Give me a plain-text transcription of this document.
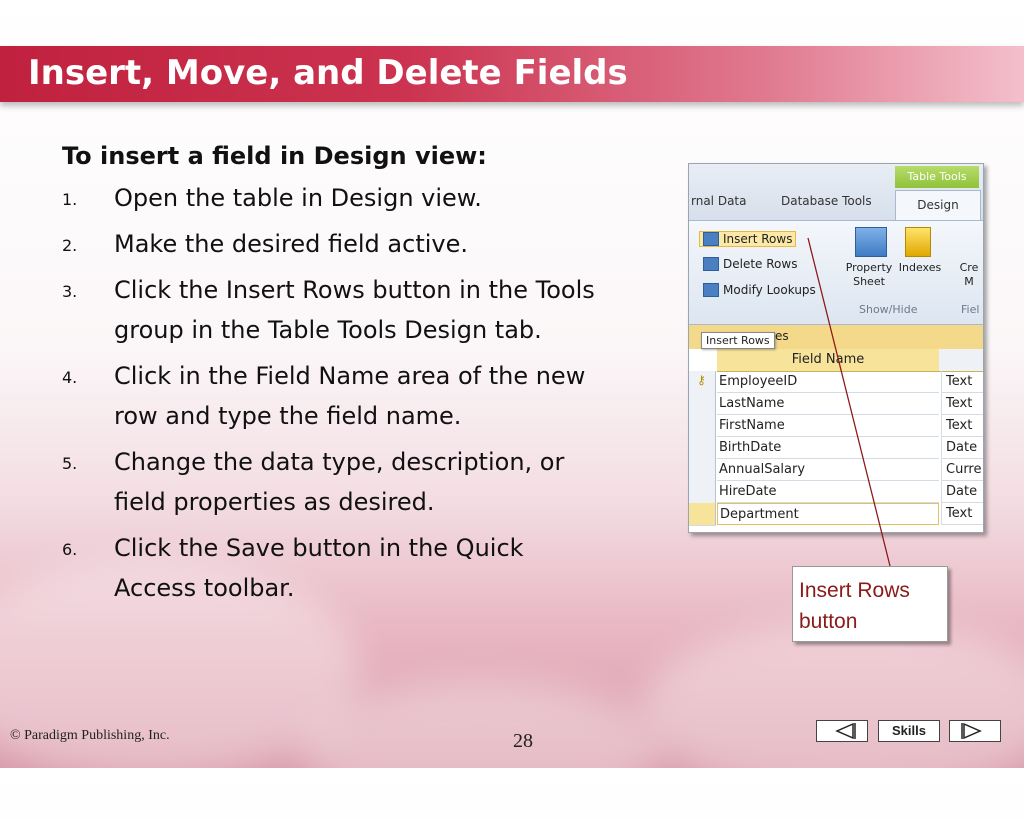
Insert, Move, and Delete Fields
To insert a field in Design view:
1. Open the table in Design view.
2. Make the desired field active.
3. Click the Insert Rows button in the Tools group in the Table Tools Design tab.
4. Click in the Field Name area of the new row and type the field name.
5. Change the data type, description, or field properties as desired.
6. Click the Save button in the Quick Access toolbar.
Table Tools
rnal Data	Database Tools	Design
Insert Rows
Delete Rows
Modify Lookups
Property Sheet
Indexes	Cre M
Show/Hide	Fiel
es
Field Name
⚷ EmployeeID	Text
LastName	Text
FirstName	Text
BirthDate	Date
AnnualSalary	Curre
HireDate	Date
Department	Text
Insert Rows
Insert Rows
button
© Paradigm Publishing, Inc.	28	Skills
